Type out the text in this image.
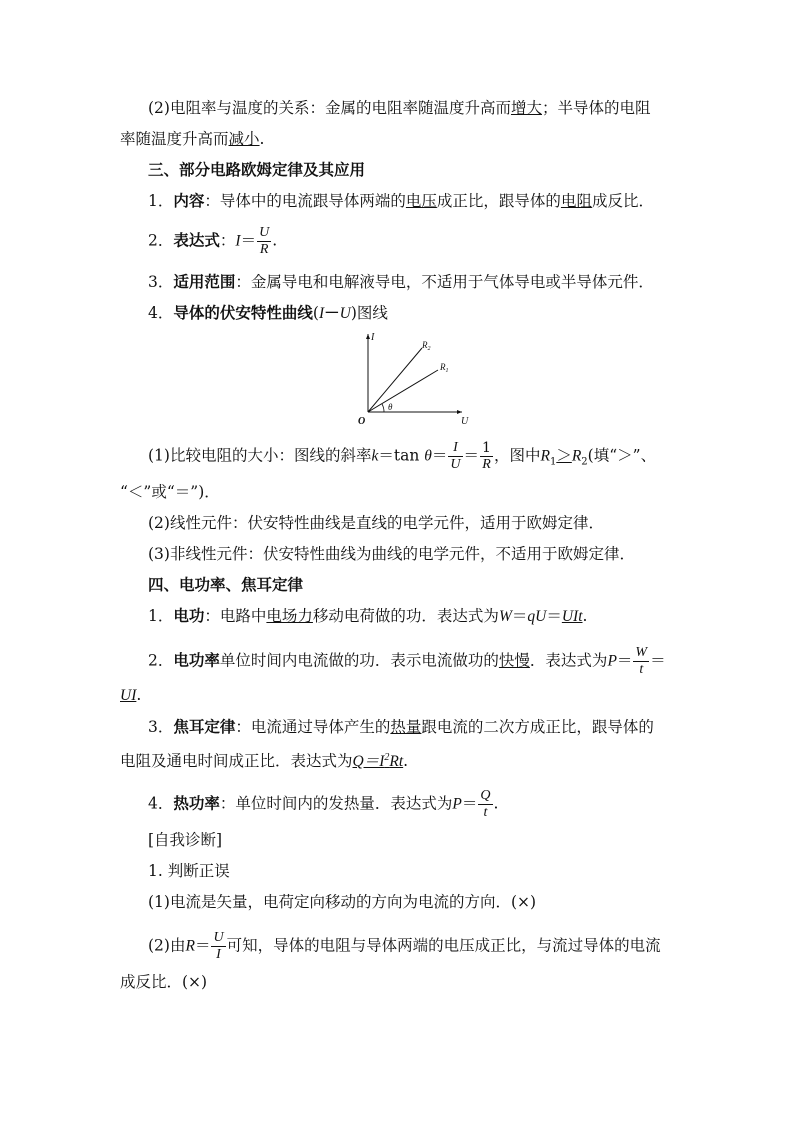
(2)电阻率与温度的关系：金属的电阻率随温度升高而增大；半导体的电阻
率随温度升高而减小.
三、部分电路欧姆定律及其应用
1．内容：导体中的电流跟导体两端的电压成正比，跟导体的电阻成反比．
2．表达式：$I= \frac{U}{R}$ .
3．适用范围：金属导电和电解液导电，不适用于气体导电或半导体元件．
4．导体的伏安特性曲线(I－U)图线
I
U
O
θ
$R_2$
$R_1$
(1)比较电阻的大小：图线的斜率k＝tan $\theta= \frac{I}{U} = \frac{1}{R}$ ，图中$R_1>R_2$(填“＞”、
“＜”或“＝”)．
(2)线性元件：伏安特性曲线是直线的电学元件，适用于欧姆定律．
(3)非线性元件：伏安特性曲线为曲线的电学元件，不适用于欧姆定律．
四、电功率、焦耳定律
1．电功：电路中电场力移动电荷做的功．表达式为W＝qU＝UIt.
2．电功率单位时间内电流做的功．表示电流做功的快慢．表达式为$P= \frac{W}{t}$ ＝
UI.
3．焦耳定律：电流通过导体产生的热量跟电流的二次方成正比，跟导体的
电阻及通电时间成正比．表达式为$Q=I^2Rt$.
4．热功率：单位时间内的发热量．表达式为$P= \frac{Q}{t}$ .
[自我诊断]
1. 判断正误
(1)电流是矢量，电荷定向移动的方向为电流的方向．(×)
(2)由$R= \frac{U}{I}$ 可知，导体的电阻与导体两端的电压成正比，与流过导体的电流
成反比．(×)
